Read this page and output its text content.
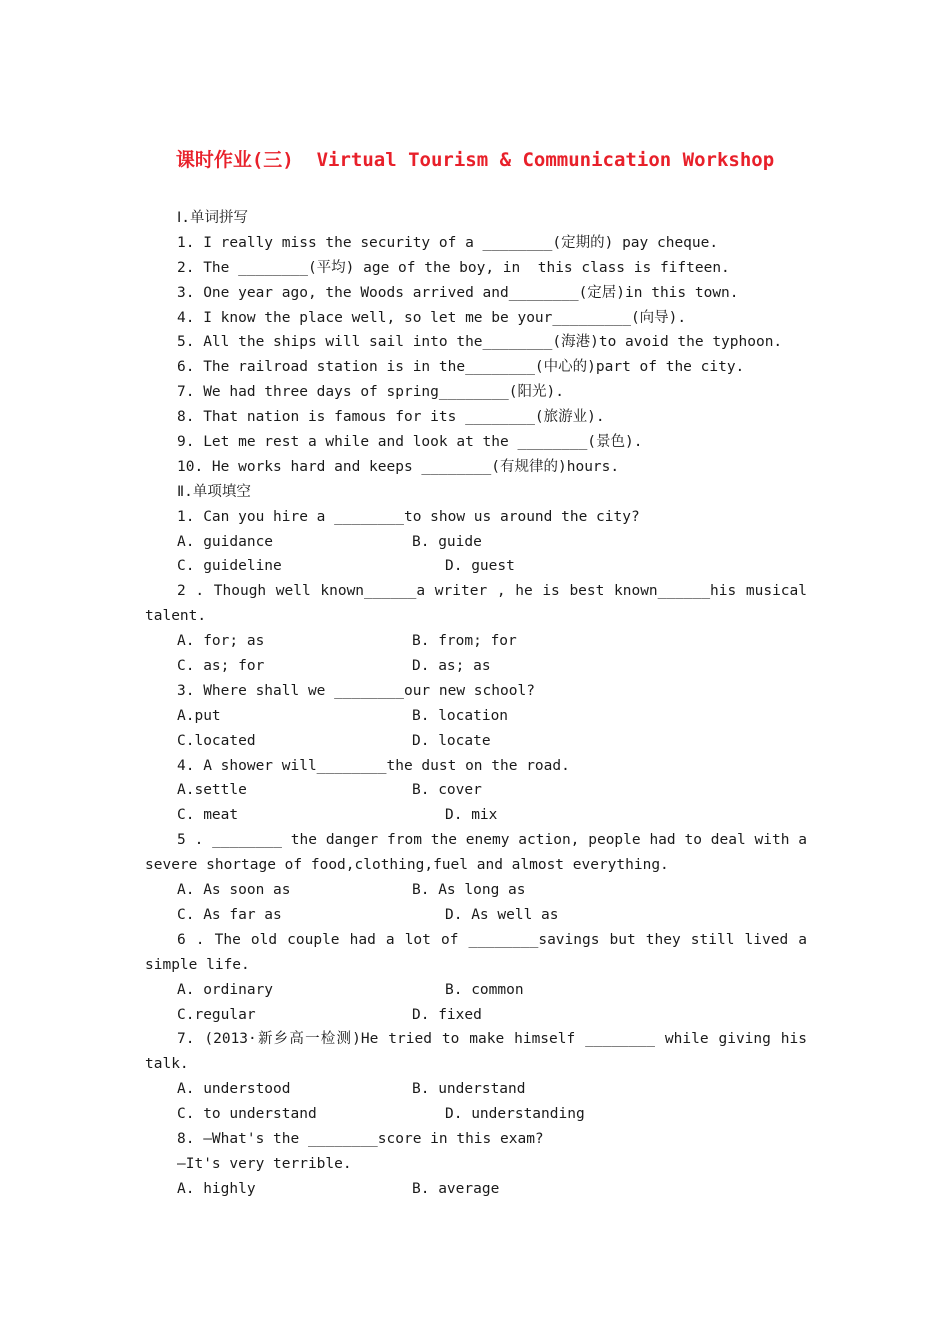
课时作业(三)  Virtual Tourism & Communication Workshop
Ⅰ.单词拼写
1. I really miss the security of a ________(定期的) pay cheque.
2. The ________(平均) age of the boy, in  this class is fifteen.
3. One year ago, the Woods arrived and________(定居)in this town.
4. I know the place well, so let me be your_________(向导).
5. All the ships will sail into the________(海港)to avoid the typhoon.
6. The railroad station is in the________(中心的)part of the city.
7. We had three days of spring________(阳光).
8. That nation is famous for its ________(旅游业).
9. Let me rest a while and look at the ________(景色).
10. He works hard and keeps ________(有规律的)hours.
Ⅱ.单项填空
1. Can you hire a ________to show us around the city?
A. guidance	B. guide
C. guideline	D. guest
2 . Though well known______a writer , he is best known______his musical
talent.
A. for; as	B. from; for
C. as; for	D. as; as
3. Where shall we ________our new school?
A.put	B. location
C.located	D. locate
4. A shower will________the dust on the road.
A.settle	B. cover
C. meat	D. mix
5 . ________ the danger from the enemy action, people had to deal with a
severe shortage of food,clothing,fuel and almost everything.
A. As soon as	B. As long as
C. As far as	D. As well as
6 . The old couple had a lot of ________savings but they still lived a
simple life.
A. ordinary	B. common
C.regular	D. fixed
7. (2013·新乡高一检测)He tried to make himself ________ while giving his
talk.
A. understood	B. understand
C. to understand	D. understanding
8. —What's the ________score in this exam?
—It's very terrible.
A. highly	B. average
